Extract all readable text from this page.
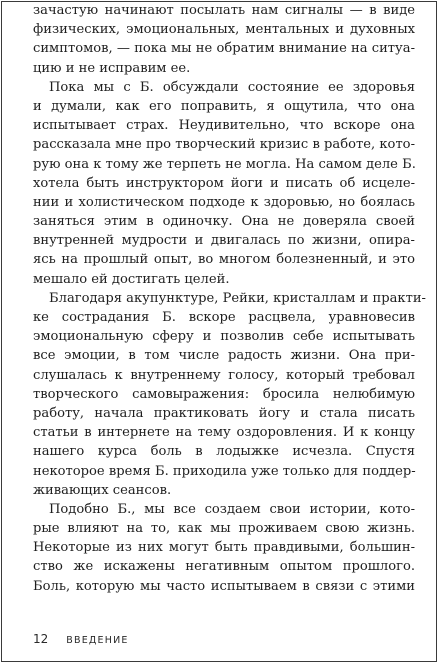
зачастую начинают посылать нам сигналы — в виде
физических, эмоциональных, ментальных и духовных
симптомов, — пока мы не обратим внимание на ситуа-
цию и не исправим ее.
Пока мы с Б. обсуждали состояние ее здоровья
и думали, как его поправить, я ощутила, что она
испытывает страх. Неудивительно, что вскоре она
рассказала мне про творческий кризис в работе, кото-
рую она к тому же терпеть не могла. На самом деле Б.
хотела быть инструктором йоги и писать об исцеле-
нии и холистическом подходе к здоровью, но боялась
заняться этим в одиночку. Она не доверяла своей
внутренней мудрости и двигалась по жизни, опира-
ясь на прошлый опыт, во многом болезненный, и это
мешало ей достигать целей.
Благодаря акупунктуре, Рейки, кристаллам и практи-
ке сострадания Б. вскоре расцвела, уравновесив
эмоциональную сферу и позволив себе испытывать
все эмоции, в том числе радость жизни. Она при-
слушалась к внутреннему голосу, который требовал
творческого самовыражения: бросила нелюбимую
работу, начала практиковать йогу и стала писать
статьи в интернете на тему оздоровления. И к концу
нашего курса боль в лодыжке исчезла. Спустя
некоторое время Б. приходила уже только для поддер-
живающих сеансов.
Подобно Б., мы все создаем свои истории, кото-
рые влияют на то, как мы проживаем свою жизнь.
Некоторые из них могут быть правдивыми, большин-
ство же искажены негативным опытом прошлого.
Боль, которую мы часто испытываем в связи с этими
12 ВВЕДЕНИЕ
